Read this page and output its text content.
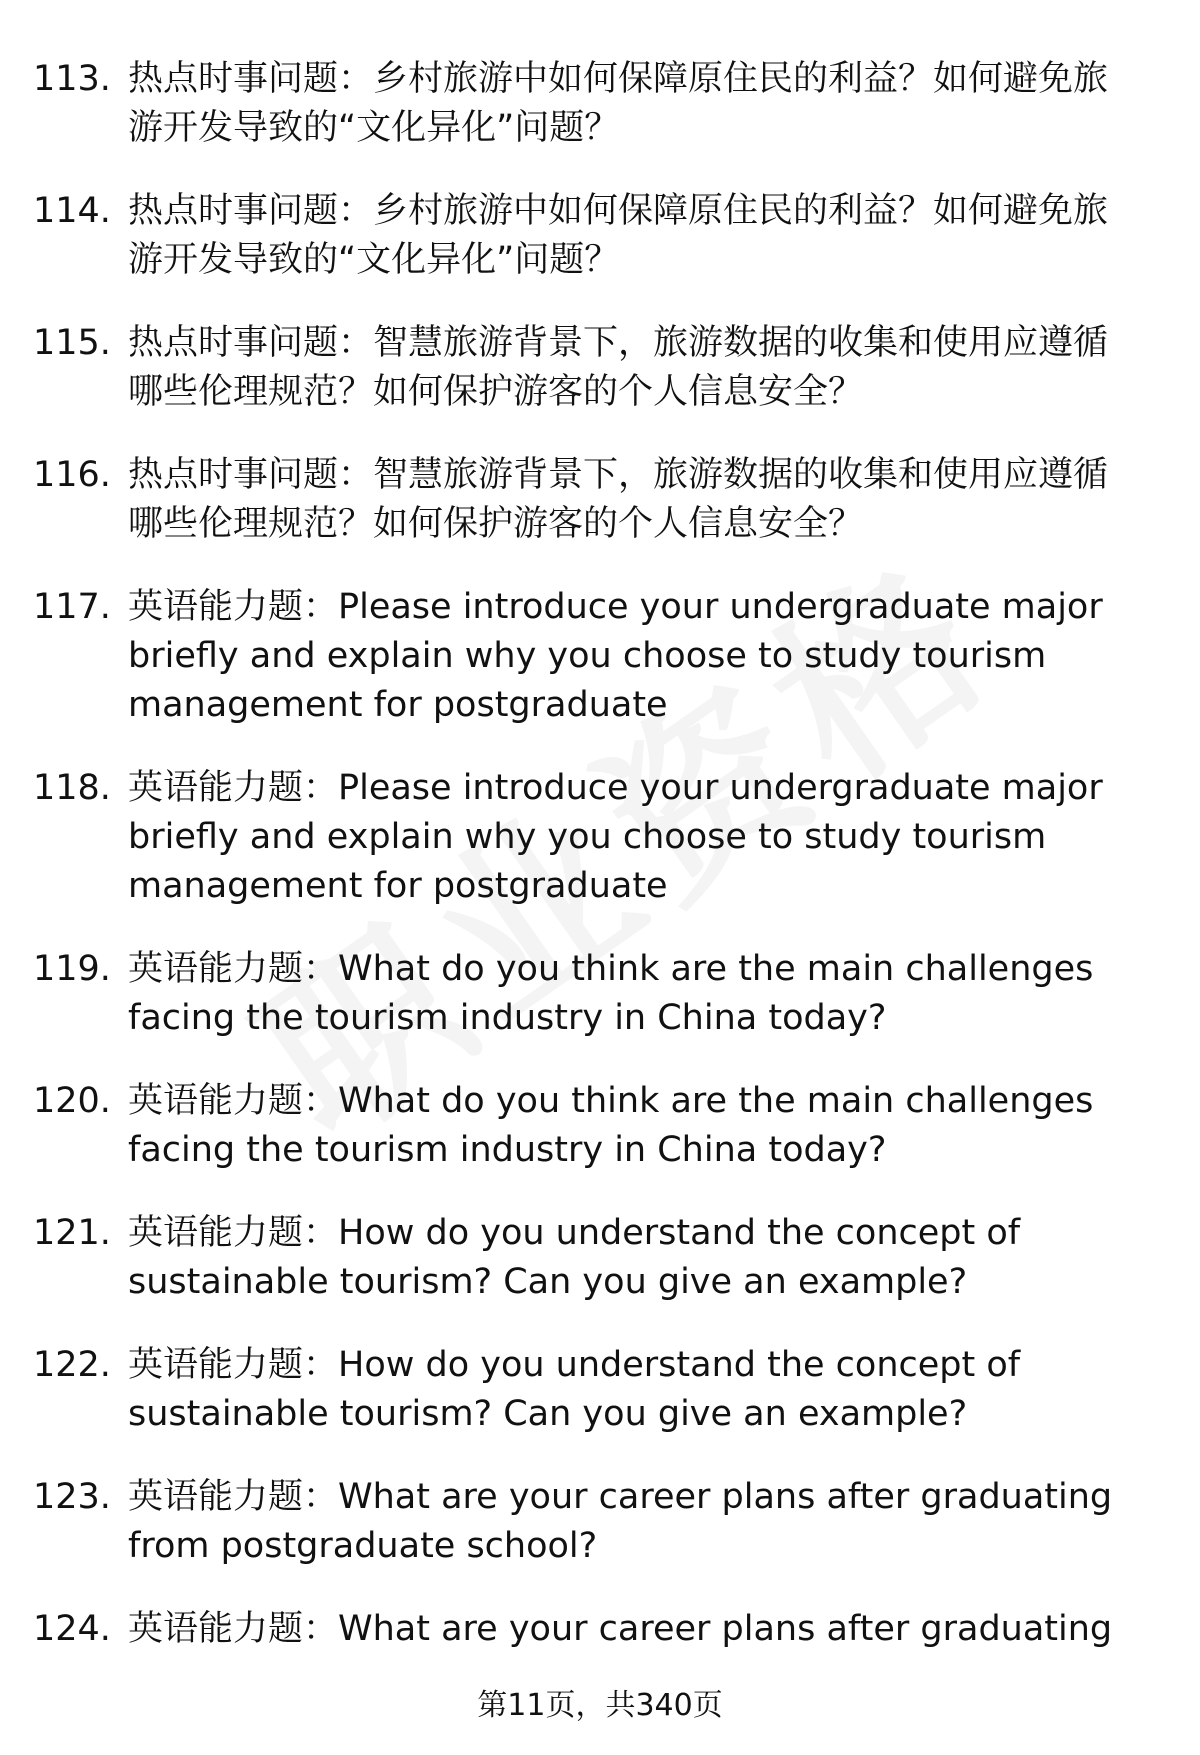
113. 热点时事问题：乡村旅游中如何保障原住民的利益？如何避免旅游开发导致的“文化异化”问题？
114. 热点时事问题：乡村旅游中如何保障原住民的利益？如何避免旅游开发导致的“文化异化”问题？
115. 热点时事问题：智慧旅游背景下，旅游数据的收集和使用应遵循哪些伦理规范？如何保护游客的个人信息安全？
116. 热点时事问题：智慧旅游背景下，旅游数据的收集和使用应遵循哪些伦理规范？如何保护游客的个人信息安全？
117. 英语能力题：Please introduce your undergraduate major briefly and explain why you choose to study tourism management for postgraduate
118. 英语能力题：Please introduce your undergraduate major briefly and explain why you choose to study tourism management for postgraduate
119. 英语能力题：What do you think are the main challenges facing the tourism industry in China today?
120. 英语能力题：What do you think are the main challenges facing the tourism industry in China today?
121. 英语能力题：How do you understand the concept of sustainable tourism? Can you give an example?
122. 英语能力题：How do you understand the concept of sustainable tourism? Can you give an example?
123. 英语能力题：What are your career plans after graduating from postgraduate school?
124. 英语能力题：What are your career plans after graduating
第11页，共340页
